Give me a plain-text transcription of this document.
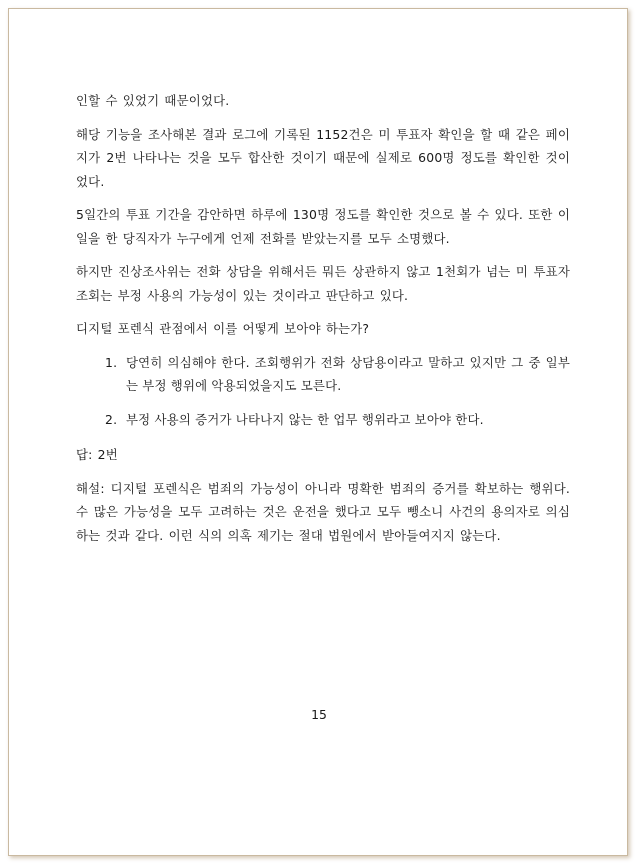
인할 수 있었기 때문이었다.

해당 기능을 조사해본 결과 로그에 기록된 1152건은 미 투표자 확인을 할 때 같은 페이지가 2번 나타나는 것을 모두 합산한 것이기 때문에 실제로 600명 정도를 확인한 것이었다.

5일간의 투표 기간을 감안하면 하루에 130명 정도를 확인한 것으로 볼 수 있다. 또한 이 일을 한 당직자가 누구에게 언제 전화를 받았는지를 모두 소명했다.

하지만 진상조사위는 전화 상담을 위해서든 뭐든 상관하지 않고 1천회가 넘는 미 투표자 조회는 부정 사용의 가능성이 있는 것이라고 판단하고 있다.

디지털 포렌식 관점에서 이를 어떻게 보아야 하는가?

1. 당연히 의심해야 한다. 조회행위가 전화 상담용이라고 말하고 있지만 그 중 일부는 부정 행위에 악용되었을지도 모른다.
2. 부정 사용의 증거가 나타나지 않는 한 업무 행위라고 보아야 한다.

답: 2번

해설: 디지털 포렌식은 범죄의 가능성이 아니라 명확한 범죄의 증거를 확보하는 행위다. 수 많은 가능성을 모두 고려하는 것은 운전을 했다고 모두 뺑소니 사건의 용의자로 의심하는 것과 같다. 이런 식의 의혹 제기는 절대 법원에서 받아들여지지 않는다.

15
